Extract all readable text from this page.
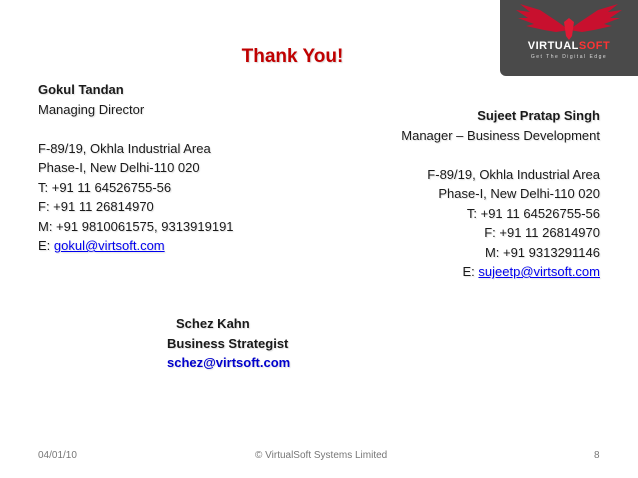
Thank You!	VIRTUALSOFT
Get The Digital Edge
Gokul Tandan
Managing Director
F-89/19, Okhla Industrial Area
Phase-I, New Delhi-110 020
T: +91 11 64526755-56
F: +91 11 26814970
M: +91 9810061575, 9313919191
E: gokul@virtsoft.com
Sujeet Pratap Singh
Manager – Business Development
F-89/19, Okhla Industrial Area
Phase-I, New Delhi-110 020
T: +91 11 64526755-56
F: +91 11 26814970
M: +91 9313291146
E: sujeetp@virtsoft.com
Schez Kahn
Business Strategist
schez@virtsoft.com
04/01/10	© VirtualSoft Systems Limited	8
